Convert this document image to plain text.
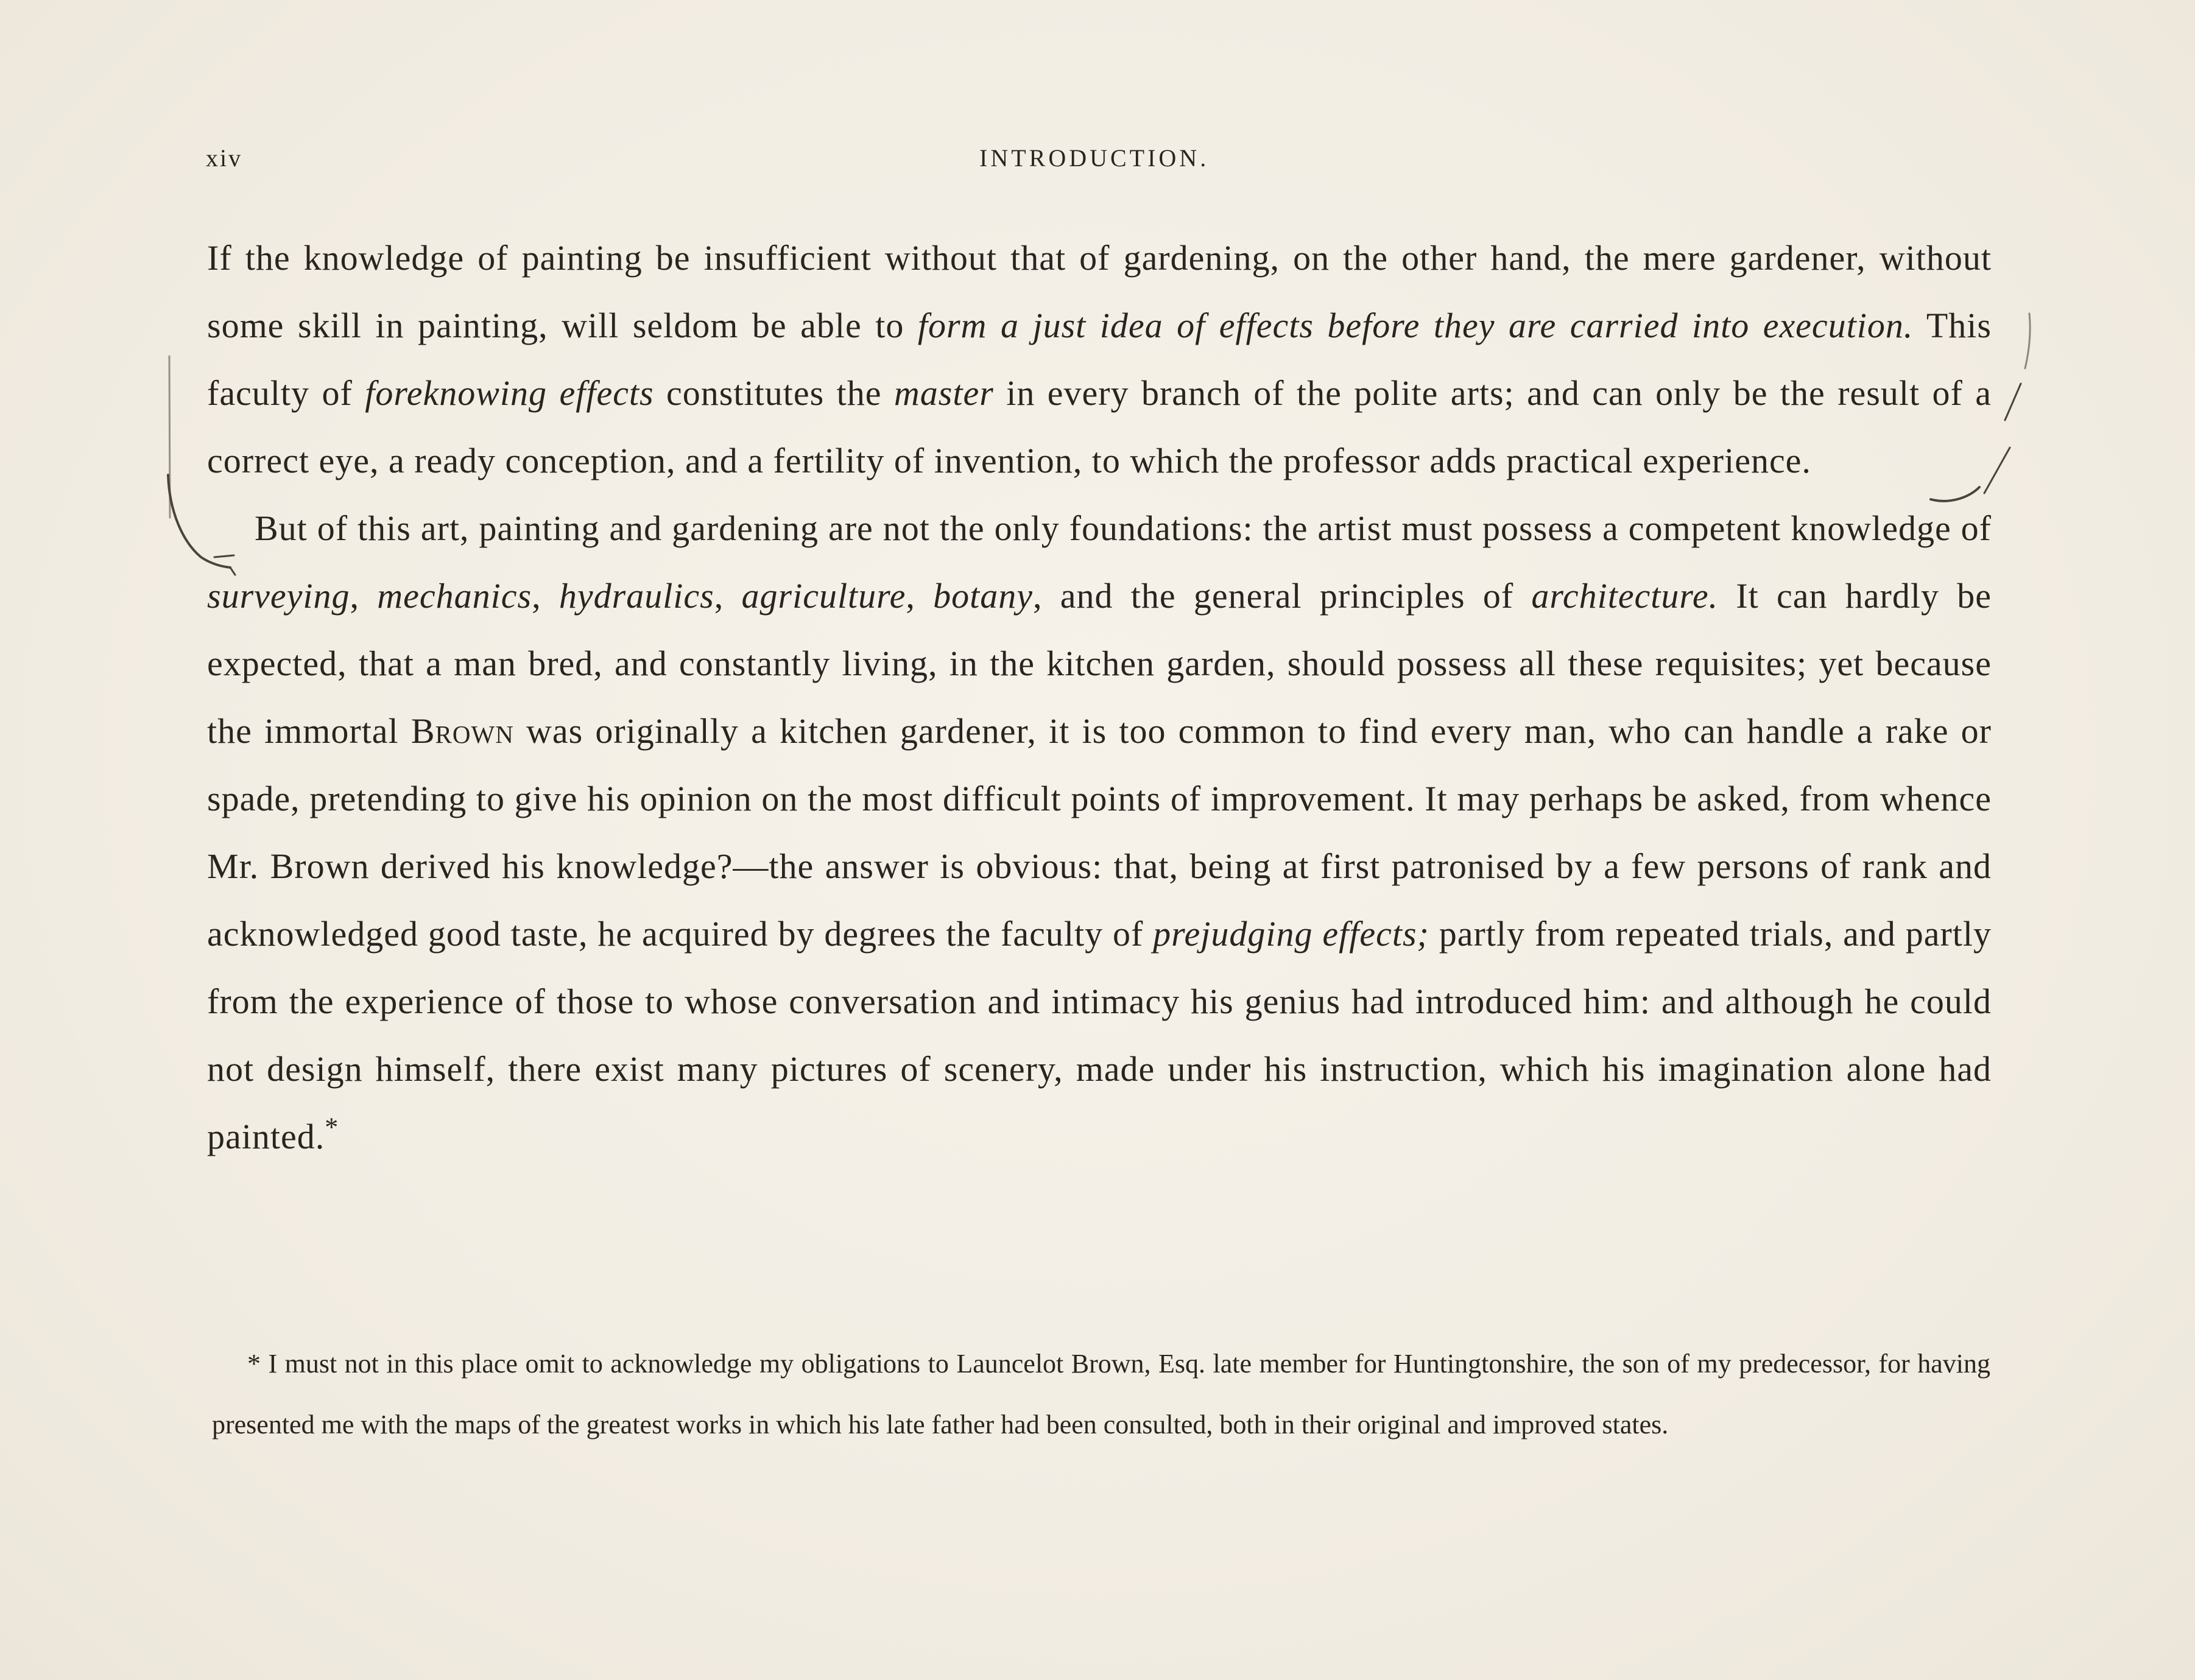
xiv	INTRODUCTION.

If the knowledge of painting be insufficient without that of gardening, on the other hand, the mere gardener, without some skill in painting, will seldom be able to form a just idea of effects before they are carried into execution. This faculty of foreknowing effects constitutes the master in every branch of the polite arts; and can only be the result of a correct eye, a ready conception, and a fertility of invention, to which the professor adds practical experience.

But of this art, painting and gardening are not the only foundations: the artist must possess a competent knowledge of surveying, mechanics, hydraulics, agriculture, botany, and the general principles of architecture. It can hardly be expected, that a man bred, and constantly living, in the kitchen garden, should possess all these requisites; yet because the immortal Brown was originally a kitchen gardener, it is too common to find every man, who can handle a rake or spade, pretending to give his opinion on the most difficult points of improvement. It may perhaps be asked, from whence Mr. Brown derived his knowledge?—the answer is obvious: that, being at first patronised by a few persons of rank and acknowledged good taste, he acquired by degrees the faculty of prejudging effects; partly from repeated trials, and partly from the experience of those to whose conversation and intimacy his genius had introduced him: and although he could not design himself, there exist many pictures of scenery, made under his instruction, which his imagination alone had painted.*

* I must not in this place omit to acknowledge my obligations to Launcelot Brown, Esq. late member for Huntingtonshire, the son of my predecessor, for having presented me with the maps of the greatest works in which his late father had been consulted, both in their original and improved states.
